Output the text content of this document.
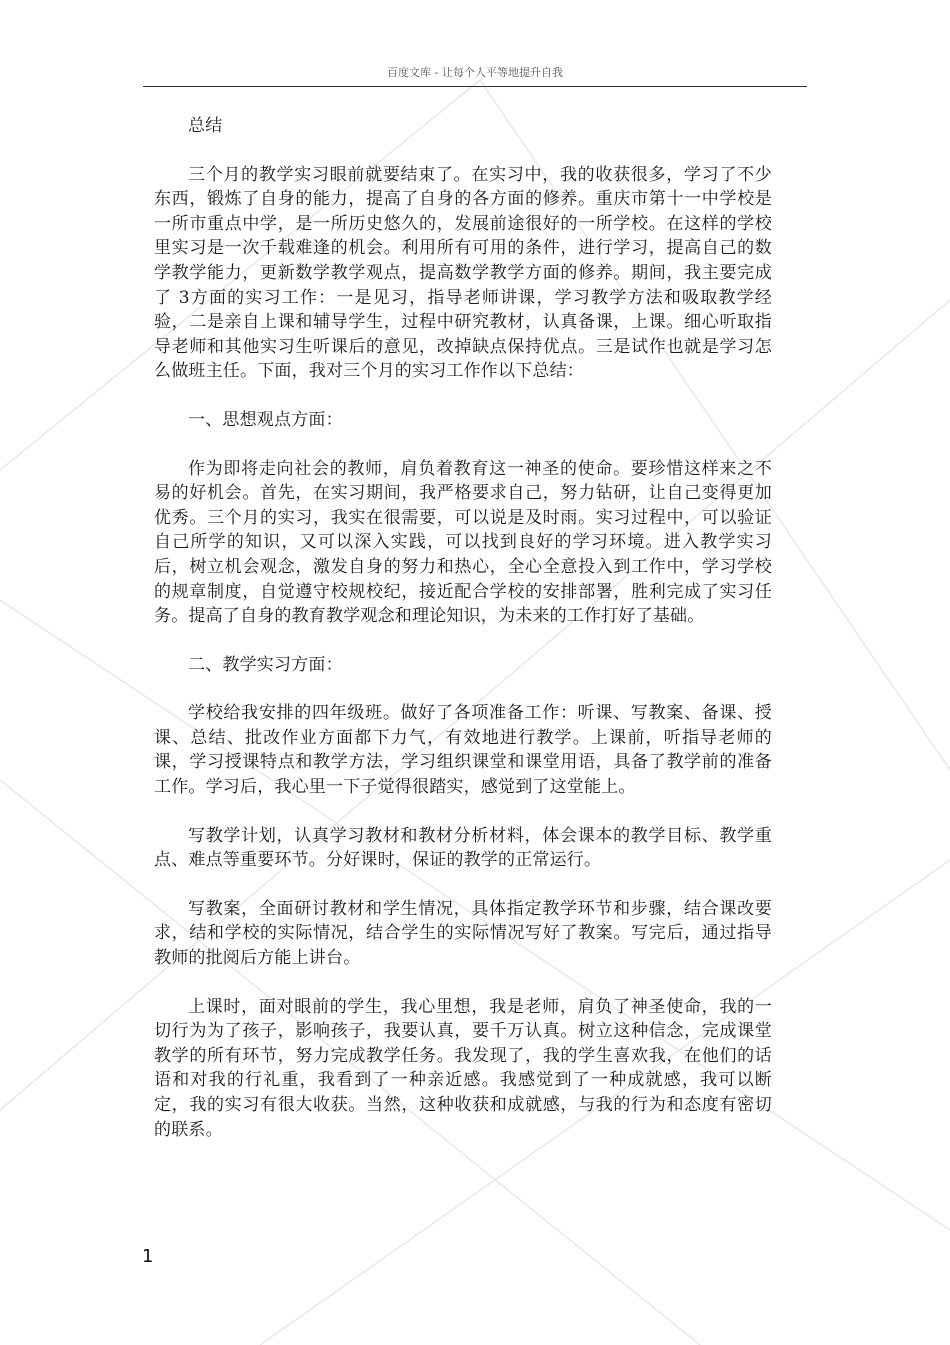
百度文库 - 让每个人平等地提升自我

总结

三个月的教学实习眼前就要结束了。在实习中，我的收获很多，学习了不少东西，锻炼了自身的能力，提高了自身的各方面的修养。重庆市第十一中学校是一所市重点中学，是一所历史悠久的，发展前途很好的一所学校。在这样的学校里实习是一次千载难逢的机会。利用所有可用的条件，进行学习，提高自己的数学教学能力，更新数学教学观点，提高数学教学方面的修养。期间，我主要完成了 3方面的实习工作：一是见习，指导老师讲课，学习教学方法和吸取教学经验，二是亲自上课和辅导学生，过程中研究教材，认真备课，上课。细心听取指导老师和其他实习生听课后的意见，改掉缺点保持优点。三是试作也就是学习怎么做班主任。下面，我对三个月的实习工作作以下总结：

一、思想观点方面：

作为即将走向社会的教师，肩负着教育这一神圣的使命。要珍惜这样来之不易的好机会。首先，在实习期间，我严格要求自己，努力钻研，让自己变得更加优秀。三个月的实习，我实在很需要，可以说是及时雨。实习过程中，可以验证自己所学的知识，又可以深入实践，可以找到良好的学习环境。进入教学实习后，树立机会观念，激发自身的努力和热心，全心全意投入到工作中，学习学校的规章制度，自觉遵守校规校纪，接近配合学校的安排部署，胜利完成了实习任务。提高了自身的教育教学观念和理论知识，为未来的工作打好了基础。

二、教学实习方面：

学校给我安排的四年级班。做好了各项准备工作：听课、写教案、备课、授课、总结、批改作业方面都下力气，有效地进行教学。上课前，听指导老师的课，学习授课特点和教学方法，学习组织课堂和课堂用语，具备了教学前的准备工作。学习后，我心里一下子觉得很踏实，感觉到了这堂能上。

写教学计划，认真学习教材和教材分析材料，体会课本的教学目标、教学重点、难点等重要环节。分好课时，保证的教学的正常运行。

写教案，全面研讨教材和学生情况，具体指定教学环节和步骤，结合课改要求，结和学校的实际情况，结合学生的实际情况写好了教案。写完后，通过指导教师的批阅后方能上讲台。

上课时，面对眼前的学生，我心里想，我是老师，肩负了神圣使命，我的一切行为为了孩子，影响孩子，我要认真，要千万认真。树立这种信念，完成课堂教学的所有环节，努力完成教学任务。我发现了，我的学生喜欢我，在他们的话语和对我的行礼重，我看到了一种亲近感。我感觉到了一种成就感，我可以断定，我的实习有很大收获。当然，这种收获和成就感，与我的行为和态度有密切的联系。

1
